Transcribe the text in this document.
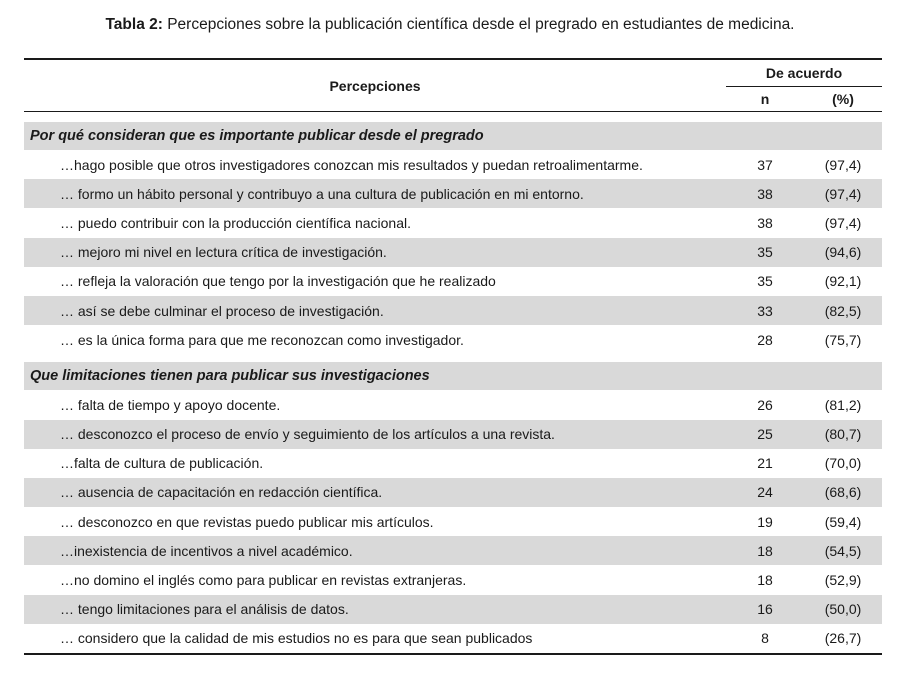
Tabla 2: Percepciones sobre la publicación científica desde el pregrado en estudiantes de medicina.
Percepciones	De acuerdo	
	n	(%)

Por qué consideran que es importante publicar desde el pregrado		
…hago posible que otros investigadores conozcan mis resultados y puedan retroalimentarme.	37	(97,4)
… formo un hábito personal y contribuyo a una cultura de publicación en mi entorno.	38	(97,4)
… puedo contribuir con la producción científica nacional.	38	(97,4)
… mejoro mi nivel en lectura crítica de investigación.	35	(94,6)
… refleja la valoración que tengo por la investigación que he realizado	35	(92,1)
… así se debe culminar el proceso de investigación.	33	(82,5)
… es la única forma para que me reconozcan como investigador.	28	(75,7)

Que limitaciones tienen para publicar sus investigaciones		
… falta de tiempo y apoyo docente.	26	(81,2)
… desconozco el proceso de envío y seguimiento de los artículos a una revista.	25	(80,7)
…falta de cultura de publicación.	21	(70,0)
… ausencia de capacitación en redacción científica.	24	(68,6)
… desconozco en que revistas puedo publicar mis artículos.	19	(59,4)
…inexistencia de incentivos a nivel académico.	18	(54,5)
…no domino el inglés como para publicar en revistas extranjeras.	18	(52,9)
… tengo limitaciones para el análisis de datos.	16	(50,0)
… considero que la calidad de mis estudios no es para que sean publicados	8	(26,7)
